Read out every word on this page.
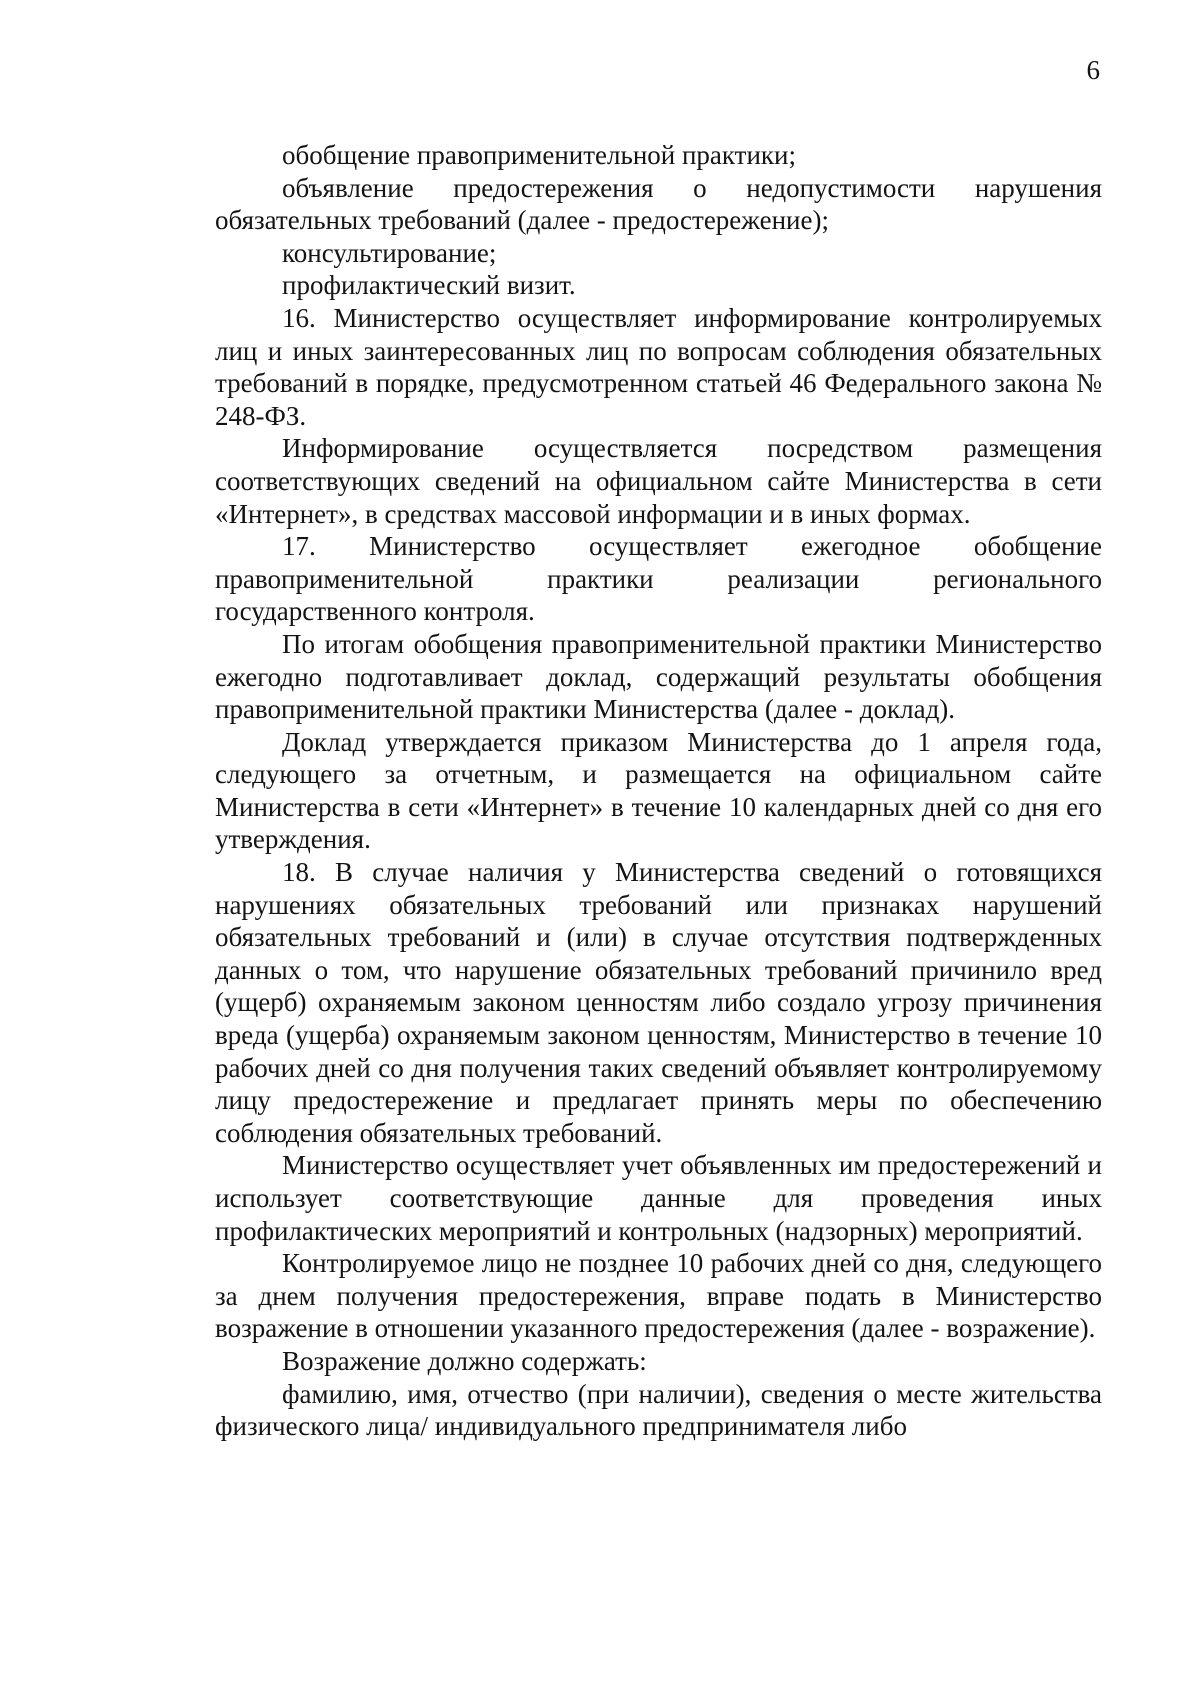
6

обобщение правоприменительной практики;

объявление предостережения о недопустимости нарушения обязательных требований (далее - предостережение);

консультирование;

профилактический визит.

16. Министерство осуществляет информирование контролируемых лиц и иных заинтересованных лиц по вопросам соблюдения обязательных требований в порядке, предусмотренном статьей 46 Федерального закона № 248-ФЗ.

Информирование осуществляется посредством размещения соответствующих сведений на официальном сайте Министерства в сети «Интернет», в средствах массовой информации и в иных формах.

17. Министерство осуществляет ежегодное обобщение правоприменительной практики реализации регионального государственного контроля.

По итогам обобщения правоприменительной практики Министерство ежегодно подготавливает доклад, содержащий результаты обобщения правоприменительной практики Министерства (далее - доклад).

Доклад утверждается приказом Министерства до 1 апреля года, следующего за отчетным, и размещается на официальном сайте Министерства в сети «Интернет» в течение 10 календарных дней со дня его утверждения.

18. В случае наличия у Министерства сведений о готовящихся нарушениях обязательных требований или признаках нарушений обязательных требований и (или) в случае отсутствия подтвержденных данных о том, что нарушение обязательных требований причинило вред (ущерб) охраняемым законом ценностям либо создало угрозу причинения вреда (ущерба) охраняемым законом ценностям, Министерство в течение 10 рабочих дней со дня получения таких сведений объявляет контролируемому лицу предостережение и предлагает принять меры по обеспечению соблюдения обязательных требований.

Министерство осуществляет учет объявленных им предостережений и использует соответствующие данные для проведения иных профилактических мероприятий и контрольных (надзорных) мероприятий.

Контролируемое лицо не позднее 10 рабочих дней со дня, следующего за днем получения предостережения, вправе подать в Министерство возражение в отношении указанного предостережения (далее - возражение).

Возражение должно содержать:

фамилию, имя, отчество (при наличии), сведения о месте жительства физического лица/ индивидуального предпринимателя либо
